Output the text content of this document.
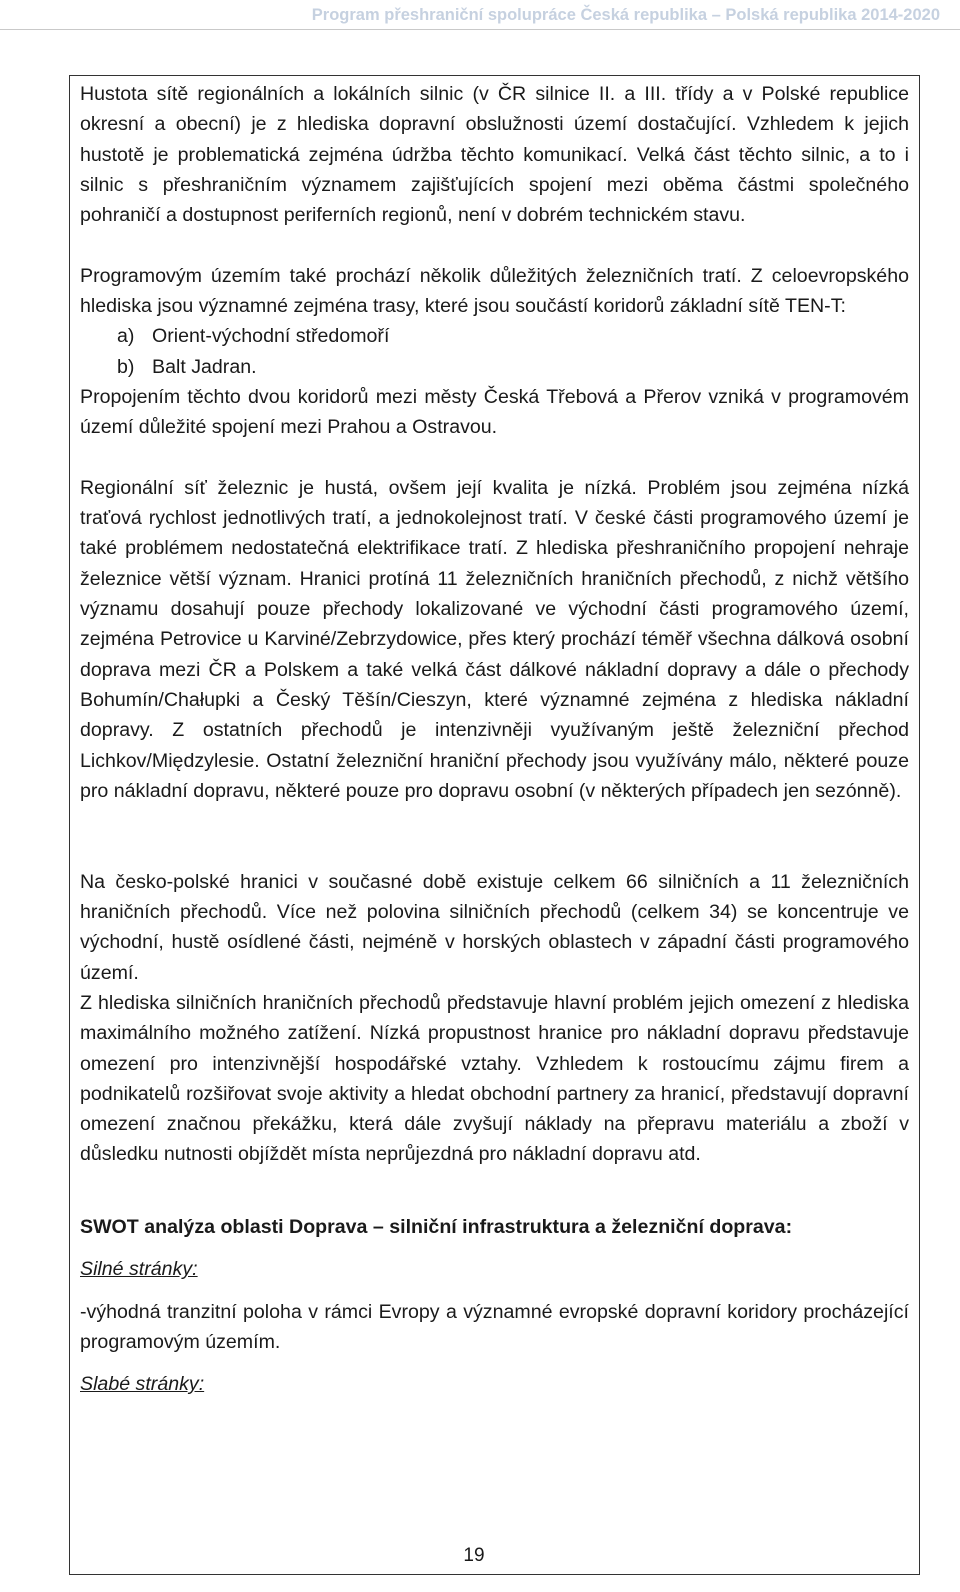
Program přeshraniční spolupráce Česká republika – Polská republika 2014-2020

Hustota sítě regionálních a lokálních silnic (v ČR silnice II. a III. třídy a v Polské republice okresní a obecní) je z hlediska dopravní obslužnosti území dostačující. Vzhledem k jejich hustotě je problematická zejména údržba těchto komunikací. Velká část těchto silnic, a to i silnic s přeshraničním významem zajišťujících spojení mezi oběma částmi společného pohraničí a dostupnost periferních regionů, není v dobrém technickém stavu.

Programovým územím také prochází několik důležitých železničních tratí. Z celoevropského hlediska jsou významné zejména trasy, které jsou součástí koridorů základní sítě TEN-T:

a) Orient-východní středomoří
b) Balt Jadran.

Propojením těchto dvou koridorů mezi městy Česká Třebová a Přerov vzniká v programovém území důležité spojení mezi Prahou a Ostravou.

Regionální síť železnic je hustá, ovšem její kvalita je nízká. Problém jsou zejména nízká traťová rychlost jednotlivých tratí, a jednokolejnost tratí. V české části programového území je také problémem nedostatečná elektrifikace tratí. Z hlediska přeshraničního propojení nehraje železnice větší význam. Hranici protíná 11 železničních hraničních přechodů, z nichž většího významu dosahují pouze přechody lokalizované ve východní části programového území, zejména Petrovice u Karviné/Zebrzydowice, přes který prochází téměř všechna dálková osobní doprava mezi ČR a Polskem a také velká část dálkové nákladní dopravy a dále o přechody Bohumín/Chałupki a Český Těšín/Cieszyn, které významné zejména z hlediska nákladní dopravy. Z ostatních přechodů je intenzivněji využívaným ještě železniční přechod Lichkov/Międzylesie. Ostatní železniční hraniční přechody jsou využívány málo, některé pouze pro nákladní dopravu, některé pouze pro dopravu osobní (v některých případech jen sezónně).

Na česko-polské hranici v současné době existuje celkem 66 silničních a 11 železničních hraničních přechodů. Více než polovina silničních přechodů (celkem 34) se koncentruje ve východní, hustě osídlené části, nejméně v horských oblastech v západní části programového území.

Z hlediska silničních hraničních přechodů představuje hlavní problém jejich omezení z hlediska maximálního možného zatížení. Nízká propustnost hranice pro nákladní dopravu představuje omezení pro intenzivnější hospodářské vztahy. Vzhledem k rostoucímu zájmu firem a podnikatelů rozšiřovat svoje aktivity a hledat obchodní partnery za hranicí, představují dopravní omezení značnou překážku, která dále zvyšují náklady na přepravu materiálu a zboží v důsledku nutnosti objíždět místa neprůjezdná pro nákladní dopravu atd.

SWOT analýza oblasti Doprava – silniční infrastruktura a železniční doprava:

Silné stránky:

-výhodná tranzitní poloha v rámci Evropy a významné evropské dopravní koridory procházející programovým územím.

Slabé stránky:

19
